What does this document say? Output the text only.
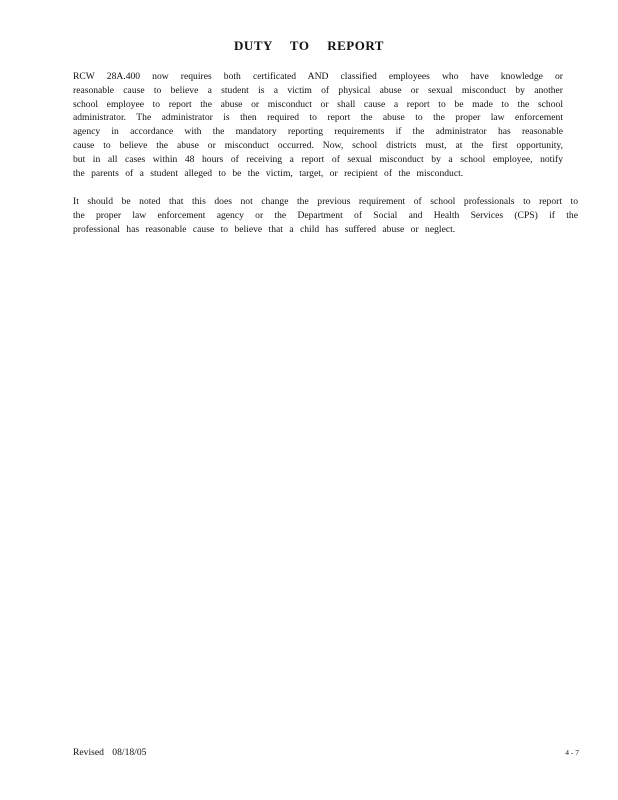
DUTY TO REPORT
RCW 28A.400 now requires both certificated AND classified employees who have knowledge or
reasonable cause to believe a student is a victim of physical abuse or sexual misconduct by another
school employee to report the abuse or misconduct or shall cause a report to be made to the school
administrator. The administrator is then required to report the abuse to the proper law enforcement
agency in accordance with the mandatory reporting requirements if the administrator has reasonable
cause to believe the abuse or misconduct occurred. Now, school districts must, at the first opportunity,
but in all cases within 48 hours of receiving a report of sexual misconduct by a school employee, notify
the parents of a student alleged to be the victim, target, or recipient of the misconduct.
It should be noted that this does not change the previous requirement of school professionals to report to
the proper law enforcement agency or the Department of Social and Health Services (CPS) if the
professional has reasonable cause to believe that a child has suffered abuse or neglect.

Revised 08/18/05	4 - 7
